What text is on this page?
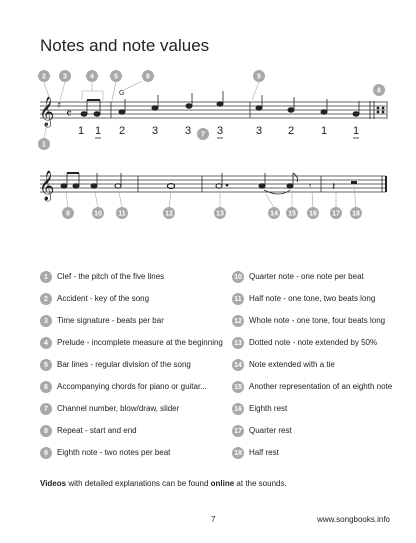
Notes and note values
𝄞 ♯
𝄴
G
1 1 2 3 3 3	3 2 1 1
2 3	4	5	6	5
8
1
7
𝄞	𝄾 𝄽
9	10 11	12	13	14 15 16 17 18
1	Clef - the pitch of the five lines
2	Accident - key of the song
3	Time signature - beats per bar
4	Prelude - incomplete measure at the beginning
5	Bar lines - regular division of the song
6	Accompanying chords for piano or guitar...
7	Channel number, blow/draw, slider
8	Repeat - start and end
9	Eighth note - two notes per beat
10 Quarter note - one note per beat
11 Half note - one tone, two beats long
12 Whole note - one tone, four beats long
13 Dotted note - note extended by 50%
14 Note extended with a tie
15 Another representation of an eighth note
16 Eighth rest
17 Quarter rest
18 Half rest
Videos with detailed explanations can be found online at the sounds.
7	www.songbooks.info
